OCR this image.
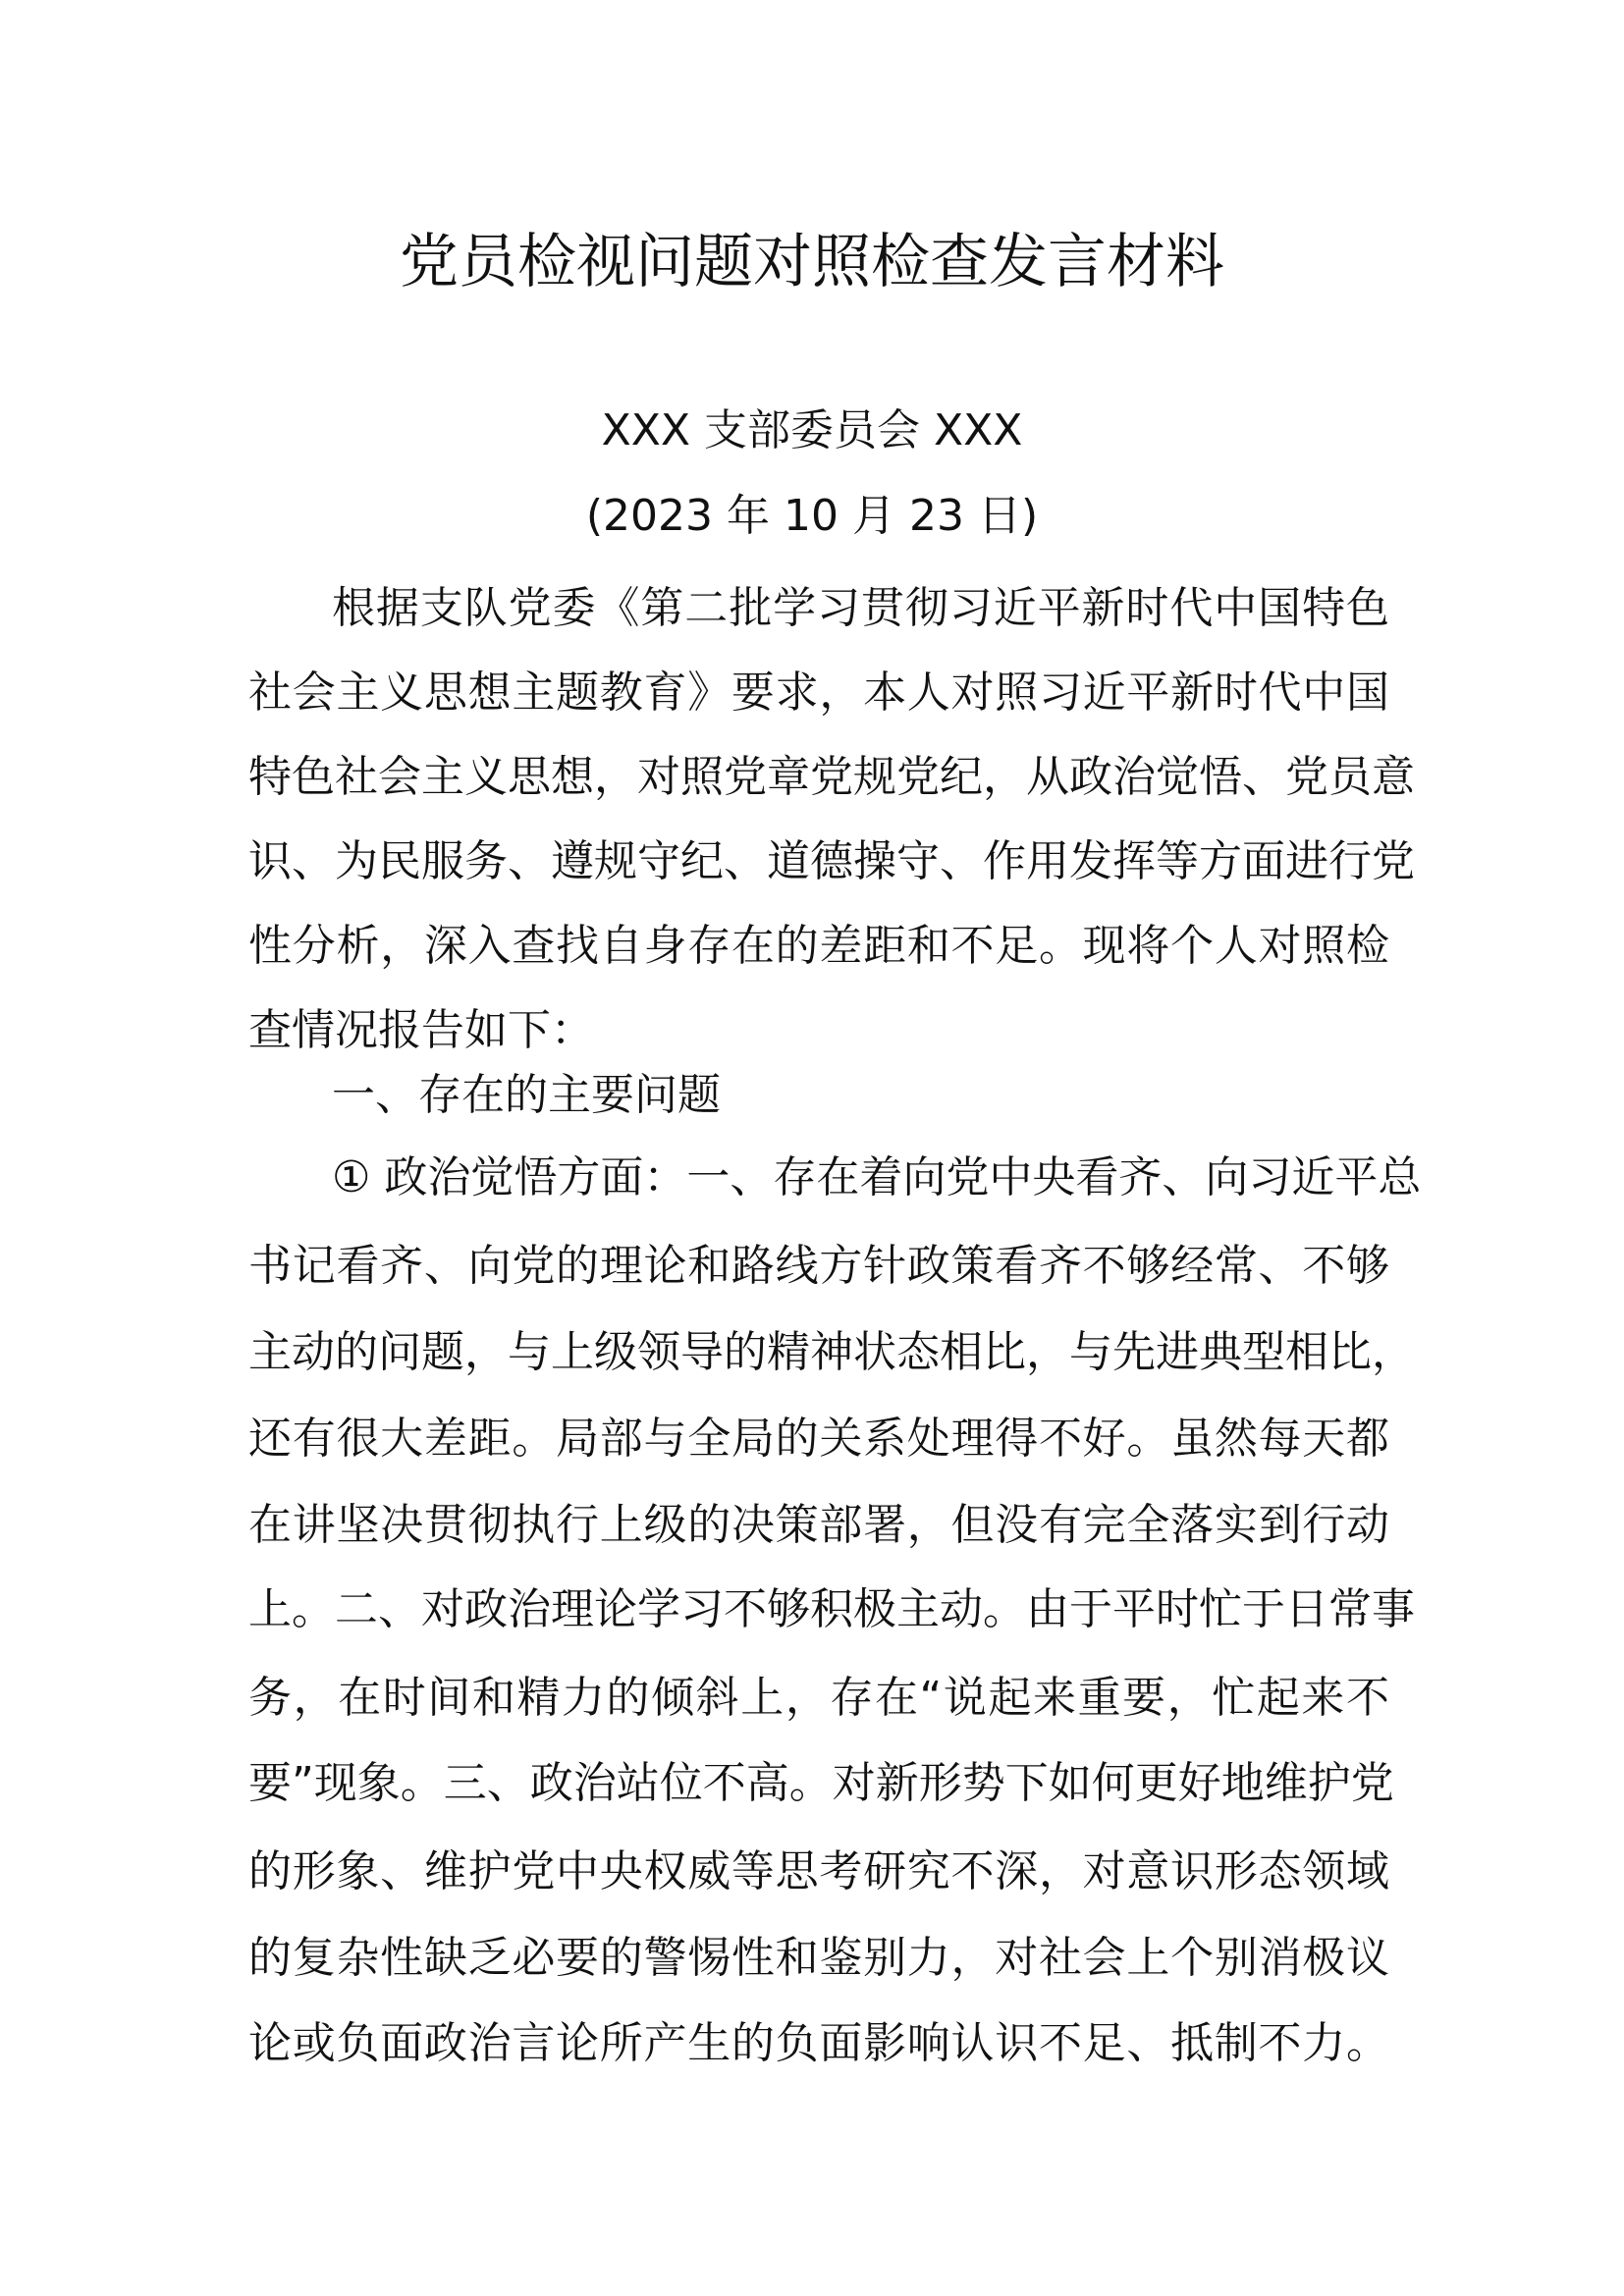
党员检视问题对照检查发言材料
XXX 支部委员会 XXX
(2023 年 10 月 23 日)
根据支队党委《第二批学习贯彻习近平新时代中国特色
社会主义思想主题教育》要求，本人对照习近平新时代中国
特色社会主义思想，对照党章党规党纪，从政治觉悟、党员意
识、为民服务、遵规守纪、道德操守、作用发挥等方面进行党
性分析，深入查找自身存在的差距和不足。现将个人对照检
查情况报告如下：
一、存在的主要问题
① 政治觉悟方面：一、存在着向党中央看齐、向习近平总
书记看齐、向党的理论和路线方针政策看齐不够经常、不够
主动的问题，与上级领导的精神状态相比，与先进典型相比，
还有很大差距。局部与全局的关系处理得不好。虽然每天都
在讲坚决贯彻执行上级的决策部署，但没有完全落实到行动
上。二、对政治理论学习不够积极主动。由于平时忙于日常事
务，在时间和精力的倾斜上，存在“说起来重要，忙起来不
要”现象。三、政治站位不高。对新形势下如何更好地维护党
的形象、维护党中央权威等思考研究不深，对意识形态领域
的复杂性缺乏必要的警惕性和鉴别力，对社会上个别消极议
论或负面政治言论所产生的负面影响认识不足、抵制不力。
